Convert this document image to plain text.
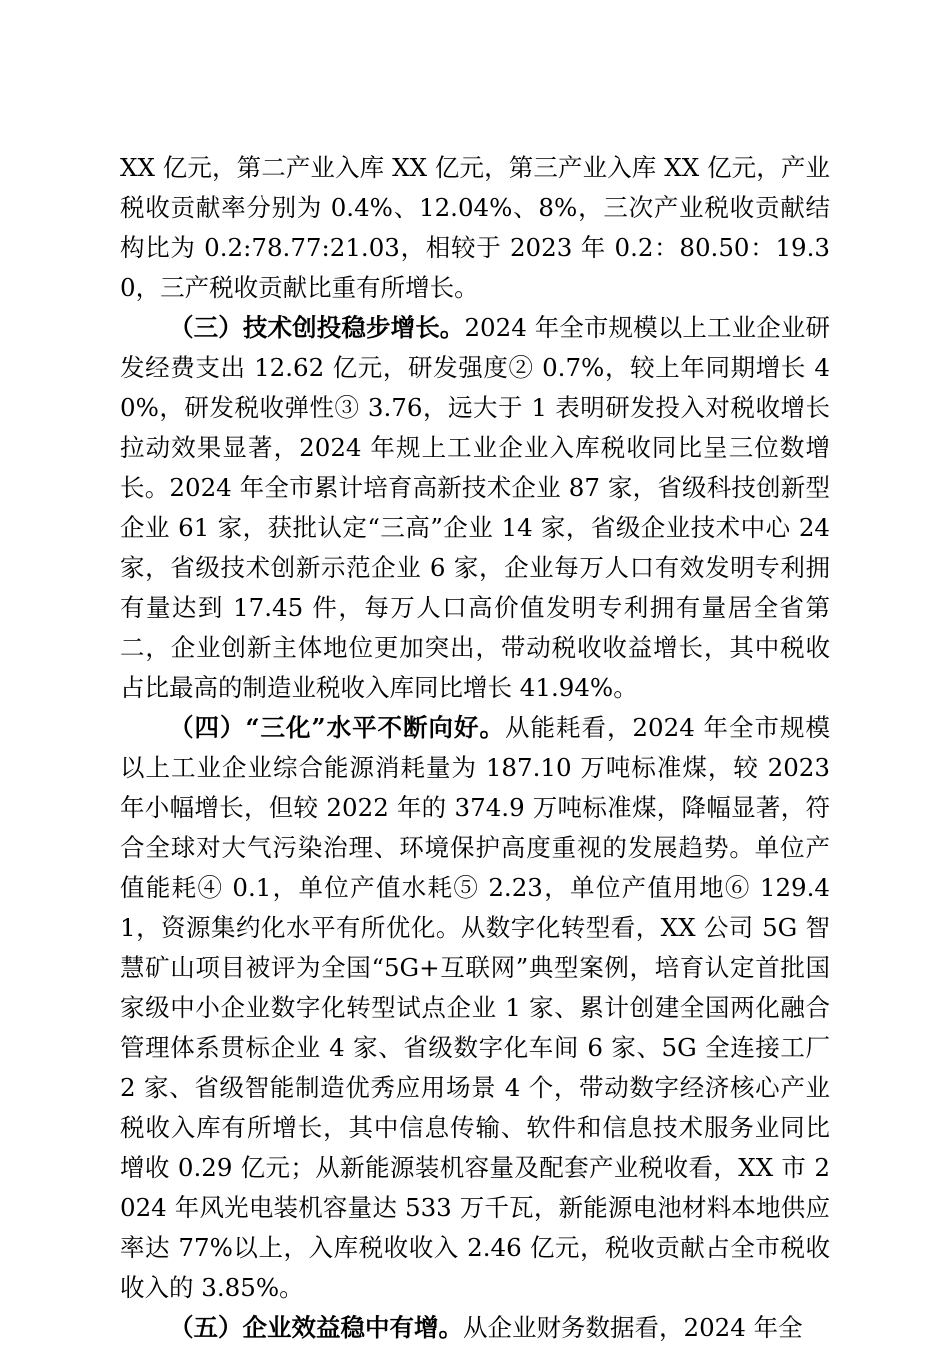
XX 亿元，第二产业入库 XX 亿元，第三产业入库 XX 亿元，产业税收贡献率分别为 0.4%、12.04%、8%，三次产业税收贡献结构比为 0.2:78.77:21.03，相较于 2023 年 0.2：80.50：19.30，三产税收贡献比重有所增长。

（三）技术创投稳步增长。2024 年全市规模以上工业企业研发经费支出 12.62 亿元，研发强度② 0.7%，较上年同期增长 40%，研发税收弹性③ 3.76，远大于 1 表明研发投入对税收增长拉动效果显著，2024 年规上工业企业入库税收同比呈三位数增长。2024 年全市累计培育高新技术企业 87 家，省级科技创新型企业 61 家，获批认定“三高”企业 14 家，省级企业技术中心 24 家，省级技术创新示范企业 6 家，企业每万人口有效发明专利拥有量达到 17.45 件，每万人口高价值发明专利拥有量居全省第二，企业创新主体地位更加突出，带动税收收益增长，其中税收占比最高的制造业税收入库同比增长 41.94%。

（四）“三化”水平不断向好。从能耗看，2024 年全市规模以上工业企业综合能源消耗量为 187.10 万吨标准煤，较 2023 年小幅增长，但较 2022 年的 374.9 万吨标准煤，降幅显著，符合全球对大气污染治理、环境保护高度重视的发展趋势。单位产值能耗④ 0.1，单位产值水耗⑤ 2.23，单位产值用地⑥ 129.41，资源集约化水平有所优化。从数字化转型看，XX 公司 5G 智慧矿山项目被评为全国“5G+互联网”典型案例，培育认定首批国家级中小企业数字化转型试点企业 1 家、累计创建全国两化融合管理体系贯标企业 4 家、省级数字化车间 6 家、5G 全连接工厂 2 家、省级智能制造优秀应用场景 4 个，带动数字经济核心产业税收入库有所增长，其中信息传输、软件和信息技术服务业同比增收 0.29 亿元；从新能源装机容量及配套产业税收看，XX 市 2024 年风光电装机容量达 533 万千瓦，新能源电池材料本地供应率达 77%以上，入库税收收入 2.46 亿元，税收贡献占全市税收收入的 3.85%。

（五）企业效益稳中有增。从企业财务数据看，2024 年全
